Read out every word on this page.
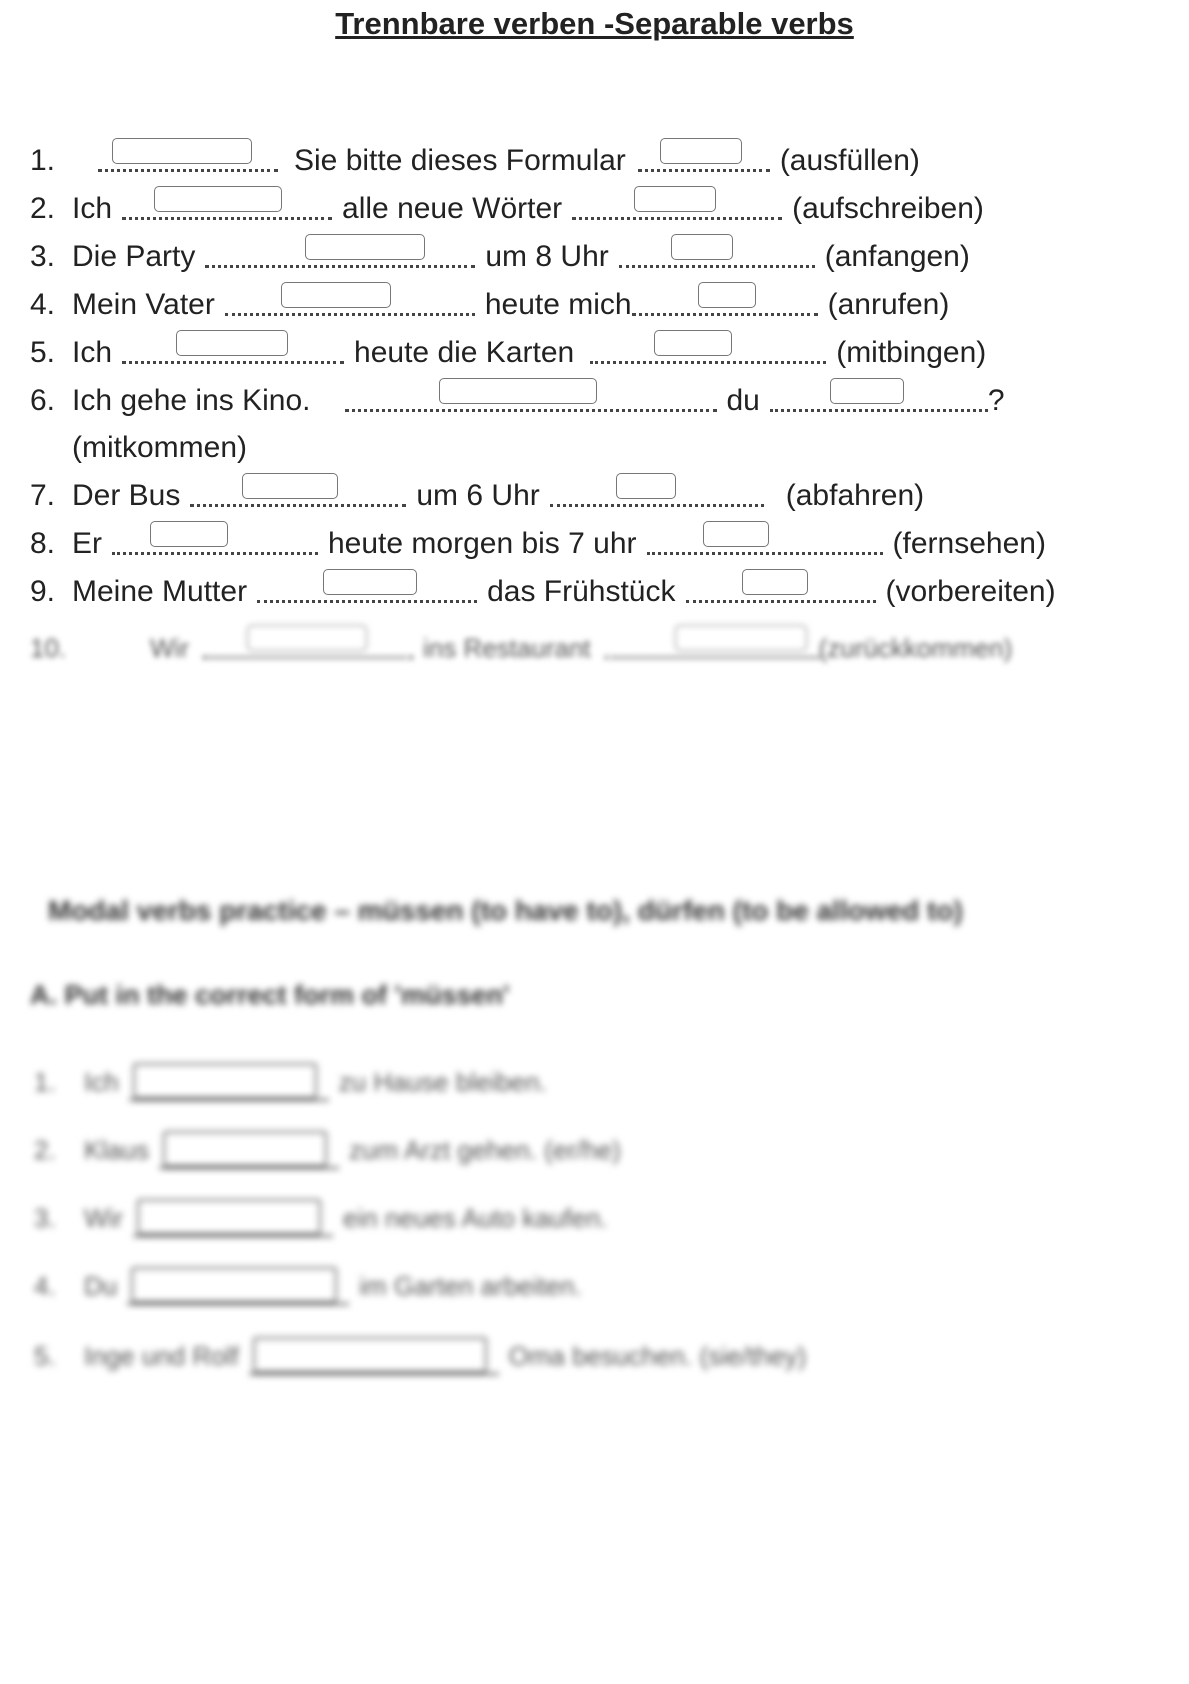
Trennbare verben -Separable verbs
1.	Sie bitte dieses Formular	(ausfüllen)
2. Ich	alle neue Wörter	(aufschreiben)
3. Die Party	um 8 Uhr	(anfangen)
4. Mein Vater	heute mich	(anrufen)
5. Ich	heute die Karten	(mitbingen)
6. Ich gehe ins Kino.	du	?
(mitkommen)
7. Der Bus	um 6 Uhr	(abfahren)
8. Er	heute morgen bis 7 uhr	(fernsehen)
9. Meine Mutter	das Frühstück	(vorbereiten)
10.	Wir	ins Restaurant	(zurückkommen)
Modal verbs practice – müssen (to have to), dürfen (to be allowed to)
A. Put in the correct form of 'müssen'
1.	Ich	zu Hause bleiben.
2.	Klaus	zum Arzt gehen. (er/he)
3.	Wir	ein neues Auto kaufen.
4.	Du	im Garten arbeiten.
5.	Inge und Rolf	Oma besuchen. (sie/they)
